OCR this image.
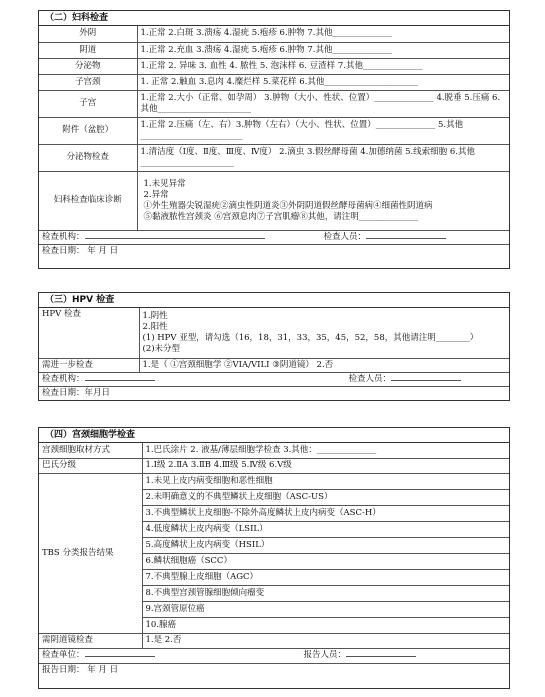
（二）妇科检查
外阴	1.正常 2.白斑 3.溃疡 4.湿疣 5.疱疹 6.肿物 7.其他______________
阴道	1.正常 2.充血 3.溃疡 4.湿疣 5.疱疹 6.肿物 7.其他______________
分泌物	1.正常 2. 异味 3. 血性 4. 脓性 5. 泡沫样 6. 豆渣样 7.其他______________
子宫颈	1. 正常 2.触血 3.息肉 4.糜烂样 5.菜花样 6.其他______________________
子宫	1.正常 2.大小（正常、如孕周） 3.肿物（大小、性状、位置）______________ 4.脱垂 5.压痛 6.其他______________________
附件（盆腔）	1.正常 2.压痛（左、右）3.肿物（左右）（大小、性状、位置）______________ 5.其他________________________
分泌物检查	1.清洁度（Ⅰ度、Ⅱ度、Ⅲ度、Ⅳ度） 2.滴虫 3.假丝酵母菌 4.加德纳菌 5.线索细胞 6.其他______________________
妇科检查临床诊断	1.未见异常
2.异常
①外生殖器尖锐湿疣②滴虫性阴道炎③外阴阴道假丝酵母菌病④细菌性阴道病
⑤黏液脓性宫颈炎 ⑥宫颈息肉⑦子宫肌瘤⑧其他，请注明______________

检查机构： 检查人员：	

检查日期： 年 月 日	
（三）HPV 检查
HPV 检查	1.阴性
2.阳性
(1) HPV 亚型，请勾选（16，18，31，33，35，45，52，58，其他请注明________）
(2)未分型

需进一步检查	1.是（ ①宫颈细胞学 ②VIA/VILI ③阴道镜） 2.否

检查机构： 检查人员：	

检查日期：年月日	
（四）宫颈细胞学检查
宫颈细胞取材方式	1.巴氏涂片 2. 液基/薄层细胞学检查 3.其他：______________
巴氏分级	1.Ⅰ级 2.ⅡA 3.ⅡB 4.Ⅲ级 5.Ⅳ级 6.Ⅴ级
TBS 分类报告结果	1.未见上皮内病变细胞和恶性细胞
	2.未明确意义的不典型鳞状上皮细胞（ASC-US）
	3.不典型鳞状上皮细胞-不除外高度鳞状上皮内病变（ASC-H）
	4.低度鳞状上皮内病变（LSIL）
	5.高度鳞状上皮内病变（HSIL）
	6.鳞状细胞癌（SCC）
	7.不典型腺上皮细胞（AGC）
	8.不典型宫颈管腺细胞倾向瘤变
	9.宫颈管原位癌
	10.腺癌
需阴道镜检查	1.是 2.否

检查单位： 报告人员：	

报告日期： 年 月 日	
